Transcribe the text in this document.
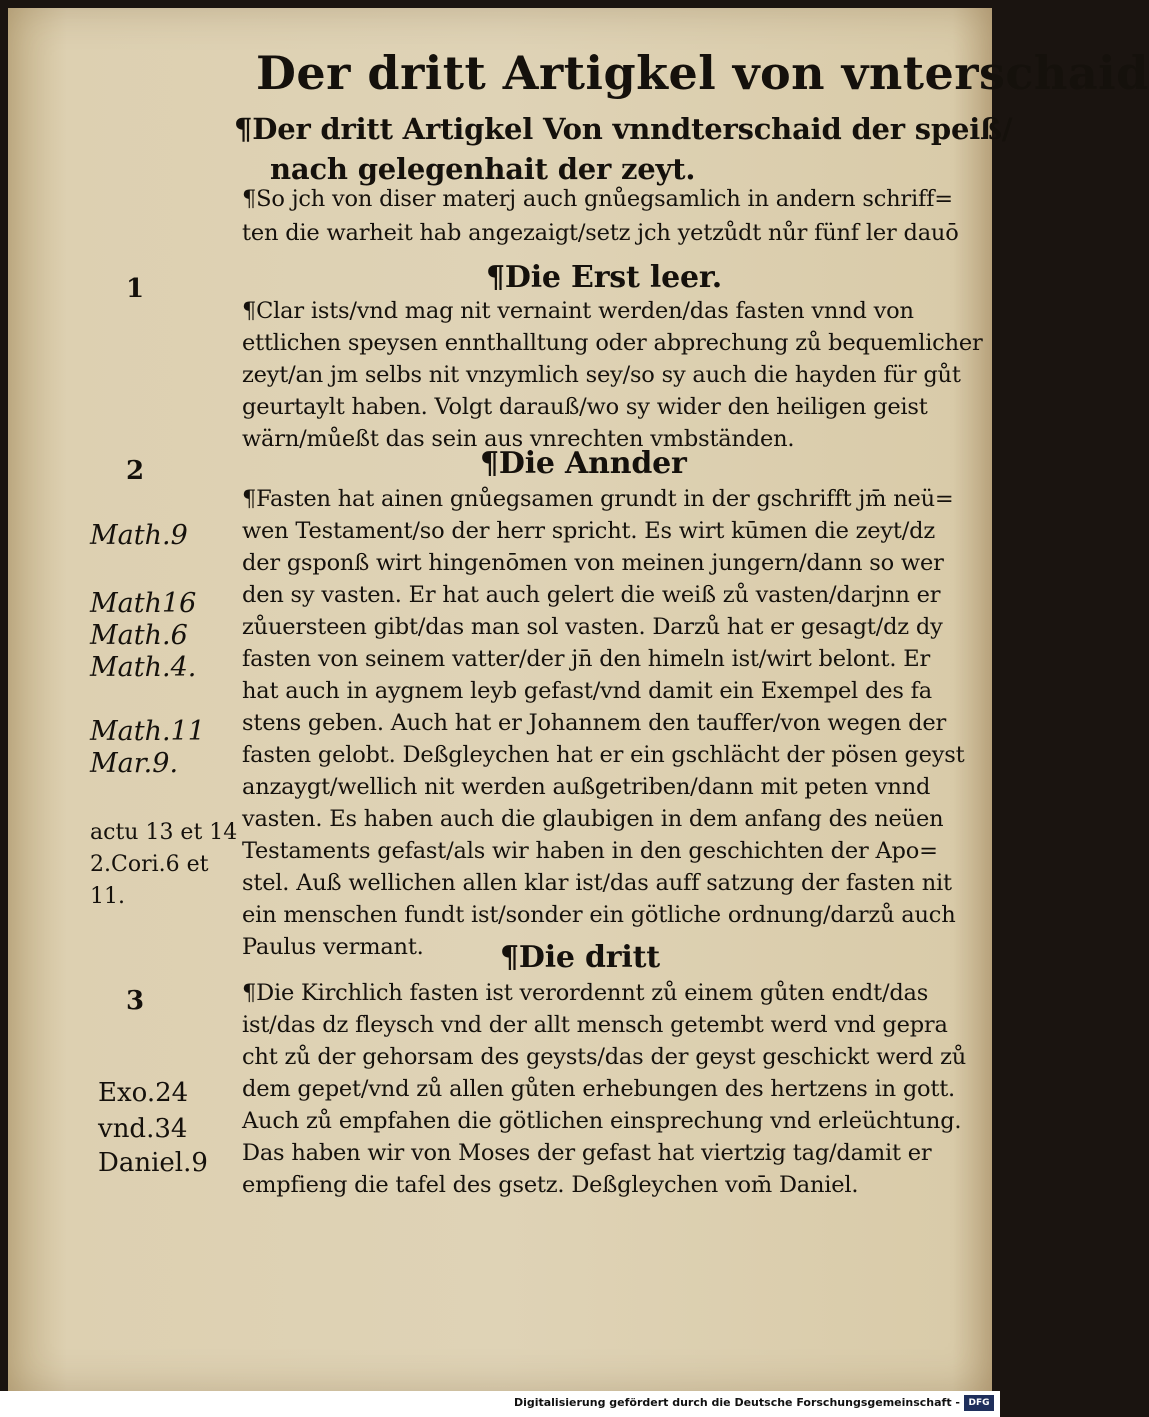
Der dritt Artigkel von vnterschaid
¶Der dritt Artigkel Von vnndterschaid der speiß/
nach gelegenhait der zeyt.
¶So jch von diser materj auch gnůegsamlich in andern schriff=
ten die warheit hab angezaigt/setz jch yetzůdt nůr fünf ler dauō
1	¶Die Erst leer.
¶Clar ists/vnd mag nit vernaint werden/das fasten vnnd von
ettlichen speysen ennthalltung oder abprechung zů bequemlicher
zeyt/an jm selbs nit vnzymlich sey/so sy auch die hayden für gůt
geurtaylt haben. Volgt darauß/wo sy wider den heiligen geist
wärn/můeßt das sein aus vnrechten vmbständen.
2	¶Die Annder
¶Fasten hat ainen gnůegsamen grundt in der gschrifft jm̄ neü=
wen Testament/so der herr spricht. Es wirt kūmen die zeyt/dz
der gsponß wirt hingenōmen von meinen jungern/dann so wer
den sy vasten. Er hat auch gelert die weiß zů vasten/darjnn er
zůuersteen gibt/das man sol vasten. Darzů hat er gesagt/dz dy
fasten von seinem vatter/der jn̄ den himeln ist/wirt belont. Er
hat auch in aygnem leyb gefast/vnd damit ein Exempel des fa
stens geben. Auch hat er Johannem den tauffer/von wegen der
fasten gelobt. Deßgleychen hat er ein gschlächt der pösen geyst
anzaygt/wellich nit werden außgetriben/dann mit peten vnnd
vasten. Es haben auch die glaubigen in dem anfang des neüen
Testaments gefast/als wir haben in den geschichten der Apo=
stel. Auß wellichen allen klar ist/das auff satzung der fasten nit
ein menschen fundt ist/sonder ein götliche ordnung/darzů auch
Paulus vermant.
3
¶Die dritt
¶Die Kirchlich fasten ist verordennt zů einem gůten endt/das
ist/das dz fleysch vnd der allt mensch getembt werd vnd gepra
cht zů der gehorsam des geysts/das der geyst geschickt werd zů
dem gepet/vnd zů allen gůten erhebungen des hertzens in gott.
Auch zů empfahen die götlichen einsprechung vnd erleüchtung.
Das haben wir von Moses der gefast hat viertzig tag/damit er
empfieng die tafel des gsetz. Deßgleychen vom̄ Daniel.
Math.9
Math16
Math.6
Math.4.
Math.11
Mar.9.
actu 13 et 14
2.Cori.6 et
11.
Exo.24
vnd.34
Daniel.9
Digitalisierung gefördert durch die Deutsche Forschungsgemeinschaft - DFG
